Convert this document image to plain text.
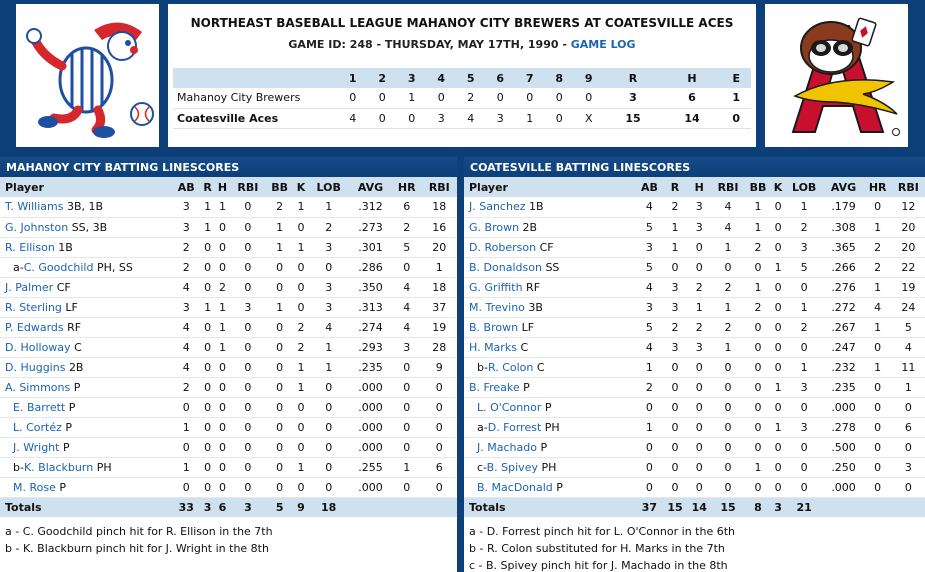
NORTHEAST BASEBALL LEAGUE MAHANOY CITY BREWERS AT COATESVILLE ACES
GAME ID: 248 - THURSDAY, MAY 17TH, 1990 - GAME LOG
	1	2	3	4	5	6	7	8	9	R	H	E
Mahanoy City Brewers	0	0	1	0	2	0	0	0	0	3	6	1
Coatesville Aces	4	0	0	3	4	3	1	0	X	15	14	0
MAHANOY CITY BATTING LINESCORES
Player	AB	R	H	RBI	BB	K	LOB	AVG	HR	RBI
T. Williams 3B, 1B	3	1	1	0	2	1	1	.312	6	18
G. Johnston SS, 3B	3	1	0	0	1	0	2	.273	2	16
R. Ellison 1B	2	0	0	0	1	1	3	.301	5	20
a-C. Goodchild PH, SS	2	0	0	0	0	0	0	.286	0	1
J. Palmer CF	4	0	2	0	0	0	3	.350	4	18
R. Sterling LF	3	1	1	3	1	0	3	.313	4	37
P. Edwards RF	4	0	1	0	0	2	4	.274	4	19
D. Holloway C	4	0	1	0	0	2	1	.293	3	28
D. Huggins 2B	4	0	0	0	0	1	1	.235	0	9
A. Simmons P	2	0	0	0	0	1	0	.000	0	0
E. Barrett P	0	0	0	0	0	0	0	.000	0	0
L. Cortéz P	1	0	0	0	0	0	0	.000	0	0
J. Wright P	0	0	0	0	0	0	0	.000	0	0
b-K. Blackburn PH	1	0	0	0	0	1	0	.255	1	6
M. Rose P	0	0	0	0	0	0	0	.000	0	0
Totals	33	3	6	3	5	9	18			
a - C. Goodchild pinch hit for R. Ellison in the 7th
b - K. Blackburn pinch hit for J. Wright in the 8th
COATESVILLE BATTING LINESCORES
Player	AB	R	H	RBI	BB	K	LOB	AVG	HR	RBI
J. Sanchez 1B	4	2	3	4	1	0	1	.179	0	12
G. Brown 2B	5	1	3	4	1	0	2	.308	1	20
D. Roberson CF	3	1	0	1	2	0	3	.365	2	20
B. Donaldson SS	5	0	0	0	0	1	5	.266	2	22
G. Griffith RF	4	3	2	2	1	0	0	.276	1	19
M. Trevino 3B	3	3	1	1	2	0	1	.272	4	24
B. Brown LF	5	2	2	2	0	0	2	.267	1	5
H. Marks C	4	3	3	1	0	0	0	.247	0	4
b-R. Colon C	1	0	0	0	0	0	1	.232	1	11
B. Freake P	2	0	0	0	0	1	3	.235	0	1
L. O'Connor P	0	0	0	0	0	0	0	.000	0	0
a-D. Forrest PH	1	0	0	0	0	1	3	.278	0	6
J. Machado P	0	0	0	0	0	0	0	.500	0	0
c-B. Spivey PH	0	0	0	0	1	0	0	.250	0	3
B. MacDonald P	0	0	0	0	0	0	0	.000	0	0
Totals	37	15	14	15	8	3	21			
a - D. Forrest pinch hit for L. O'Connor in the 6th
b - R. Colon substituted for H. Marks in the 7th
c - B. Spivey pinch hit for J. Machado in the 8th
